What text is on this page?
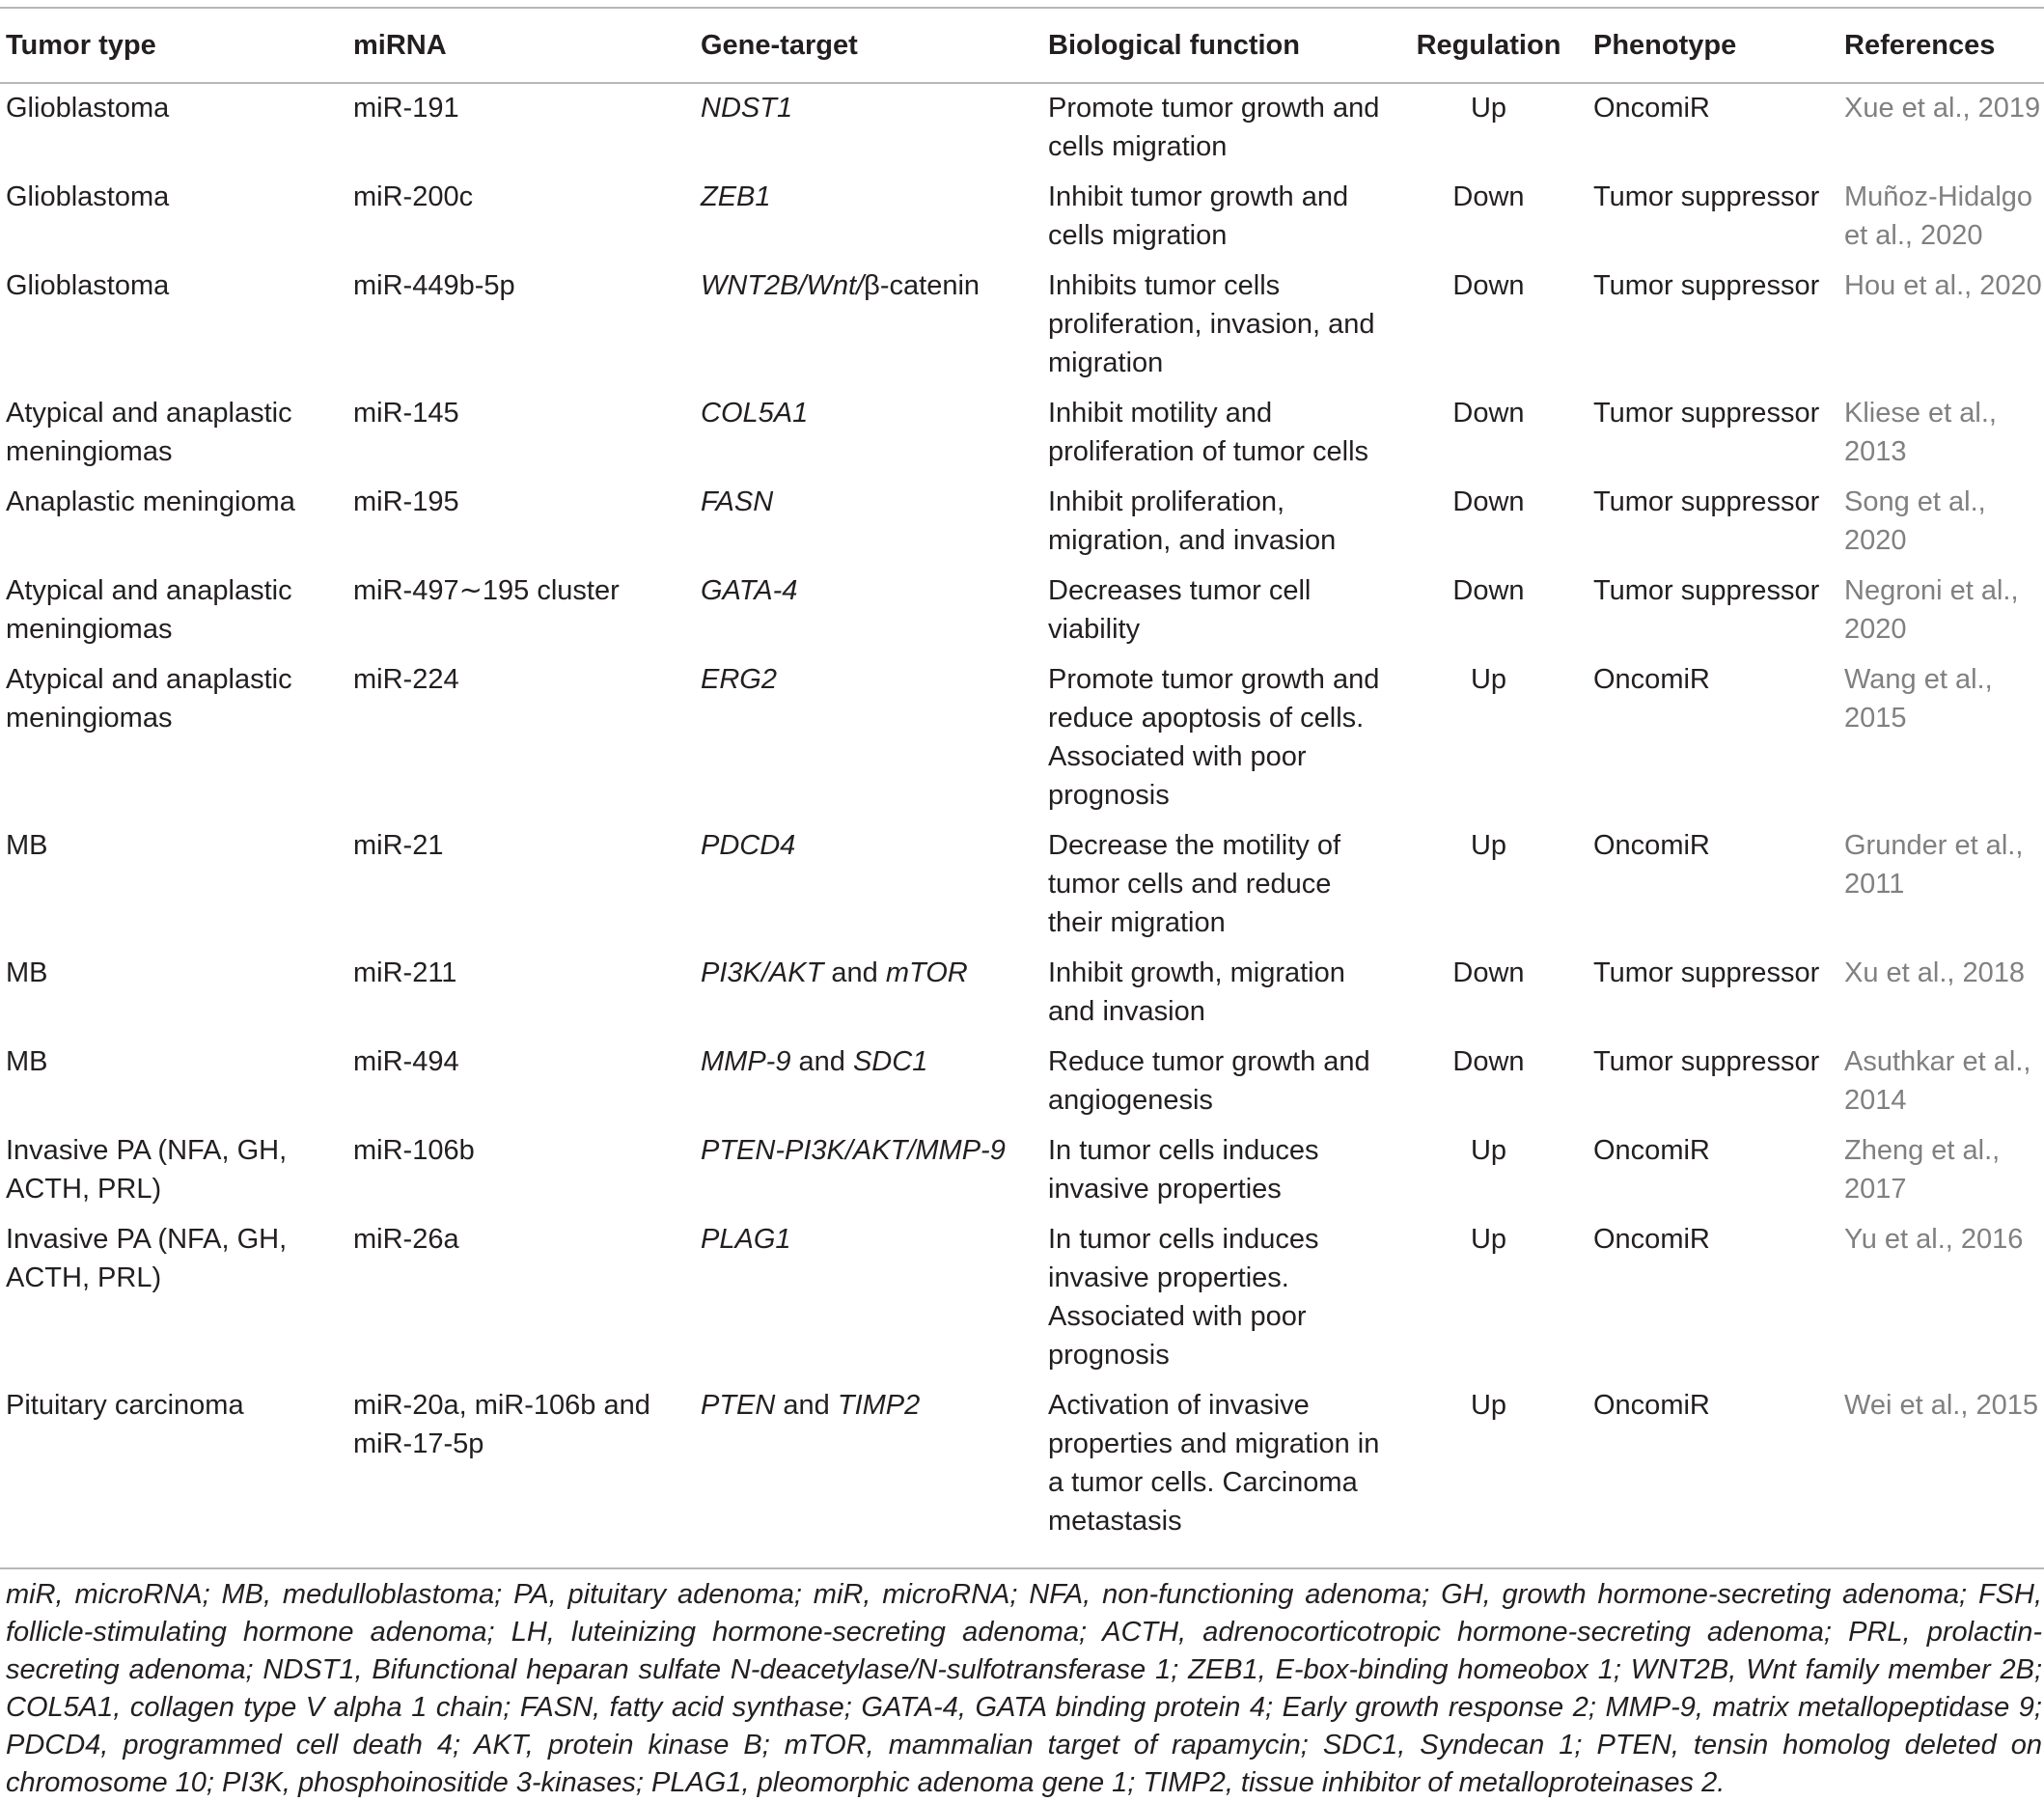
Tumor type	miRNA	Gene-target	Biological function	Regulation	Phenotype	References
Glioblastoma	miR-191	NDST1	Promote tumor growth and cells migration	Up	OncomiR	Xue et al., 2019
Glioblastoma	miR-200c	ZEB1	Inhibit tumor growth and cells migration	Down	Tumor suppressor	Muñoz-Hidalgo et al., 2020
Glioblastoma	miR-449b-5p	WNT2B/Wnt/β-catenin	Inhibits tumor cells proliferation, invasion, and migration	Down	Tumor suppressor	Hou et al., 2020
Atypical and anaplastic meningiomas	miR-145	COL5A1	Inhibit motility and proliferation of tumor cells	Down	Tumor suppressor	Kliese et al., 2013
Anaplastic meningioma	miR-195	FASN	Inhibit proliferation, migration, and invasion	Down	Tumor suppressor	Song et al., 2020
Atypical and anaplastic meningiomas	miR-497∼195 cluster	GATA-4	Decreases tumor cell viability	Down	Tumor suppressor	Negroni et al., 2020
Atypical and anaplastic meningiomas	miR-224	ERG2	Promote tumor growth and reduce apoptosis of cells. Associated with poor prognosis	Up	OncomiR	Wang et al., 2015
MB	miR-21	PDCD4	Decrease the motility of tumor cells and reduce their migration	Up	OncomiR	Grunder et al., 2011
MB	miR-211	PI3K/AKT and mTOR	Inhibit growth, migration and invasion	Down	Tumor suppressor	Xu et al., 2018
MB	miR-494	MMP-9 and SDC1	Reduce tumor growth and angiogenesis	Down	Tumor suppressor	Asuthkar et al., 2014
Invasive PA (NFA, GH, ACTH, PRL)	miR-106b	PTEN-PI3K/AKT/MMP-9	In tumor cells induces invasive properties	Up	OncomiR	Zheng et al., 2017
Invasive PA (NFA, GH, ACTH, PRL)	miR-26a	PLAG1	In tumor cells induces invasive properties. Associated with poor prognosis	Up	OncomiR	Yu et al., 2016
Pituitary carcinoma	miR-20a, miR-106b and miR-17-5p	PTEN and TIMP2	Activation of invasive properties and migration in a tumor cells. Carcinoma metastasis	Up	OncomiR	Wei et al., 2015
miR, microRNA; MB, medulloblastoma; PA, pituitary adenoma; miR, microRNA; NFA, non-functioning adenoma; GH, growth hormone-secreting adenoma; FSH, follicle-stimulating hormone adenoma; LH, luteinizing hormone-secreting adenoma; ACTH, adrenocorticotropic hormone-secreting adenoma; PRL, prolactin-secreting adenoma; NDST1, Bifunctional heparan sulfate N-deacetylase/N-sulfotransferase 1; ZEB1, E-box-binding homeobox 1; WNT2B, Wnt family member 2B; COL5A1, collagen type V alpha 1 chain; FASN, fatty acid synthase; GATA-4, GATA binding protein 4; Early growth response 2; MMP-9, matrix metallopeptidase 9; PDCD4, programmed cell death 4; AKT, protein kinase B; mTOR, mammalian target of rapamycin; SDC1, Syndecan 1; PTEN, tensin homolog deleted on chromosome 10; PI3K, phosphoinositide 3-kinases; PLAG1, pleomorphic adenoma gene 1; TIMP2, tissue inhibitor of metalloproteinases 2.
